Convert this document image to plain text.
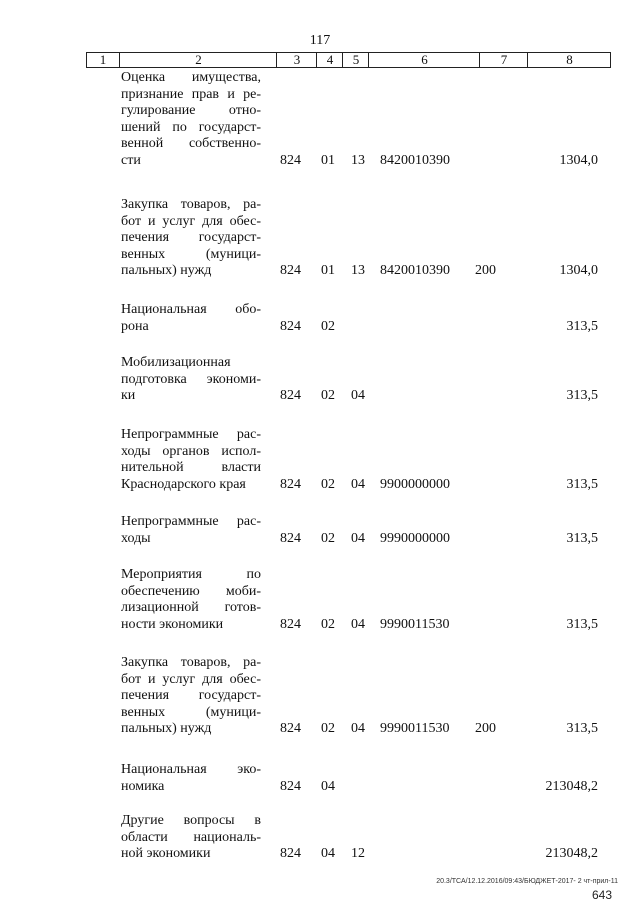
117
1	2	3	4	5	6	7	8
Оценка имущества,
признание прав и ре-
гулирование отно-
шений по государст-
венной собственно-
сти	824 01 13 8420010390	1304,0
Закупка товаров, ра-
бот и услуг для обес-
печения государст-
венных (муници-
пальных) нужд	824 01 13 8420010390 200	1304,0
Национальная обо-
рона	824 02	313,5
Мобилизационная
подготовка экономи-
ки	824 02 04	313,5
Непрограммные рас-
ходы органов испол-
нительной власти
Краснодарского края	824 02 04 9900000000	313,5
Непрограммные рас-
ходы	824 02 04 9990000000	313,5
Мероприятия по
обеспечению моби-
лизационной готов-
ности экономики	824 02 04 9990011530	313,5
Закупка товаров, ра-
бот и услуг для обес-
печения государст-
венных (муници-
пальных) нужд	824 02 04 9990011530 200	313,5
Национальная эко-
номика	824 04	213048,2
Другие вопросы в
области националь-
ной экономики	824 04 12	213048,2
20.3/ТСА/12.12.2016/09:43/БЮДЖЕТ-2017- 2 чт-прил-11
643
